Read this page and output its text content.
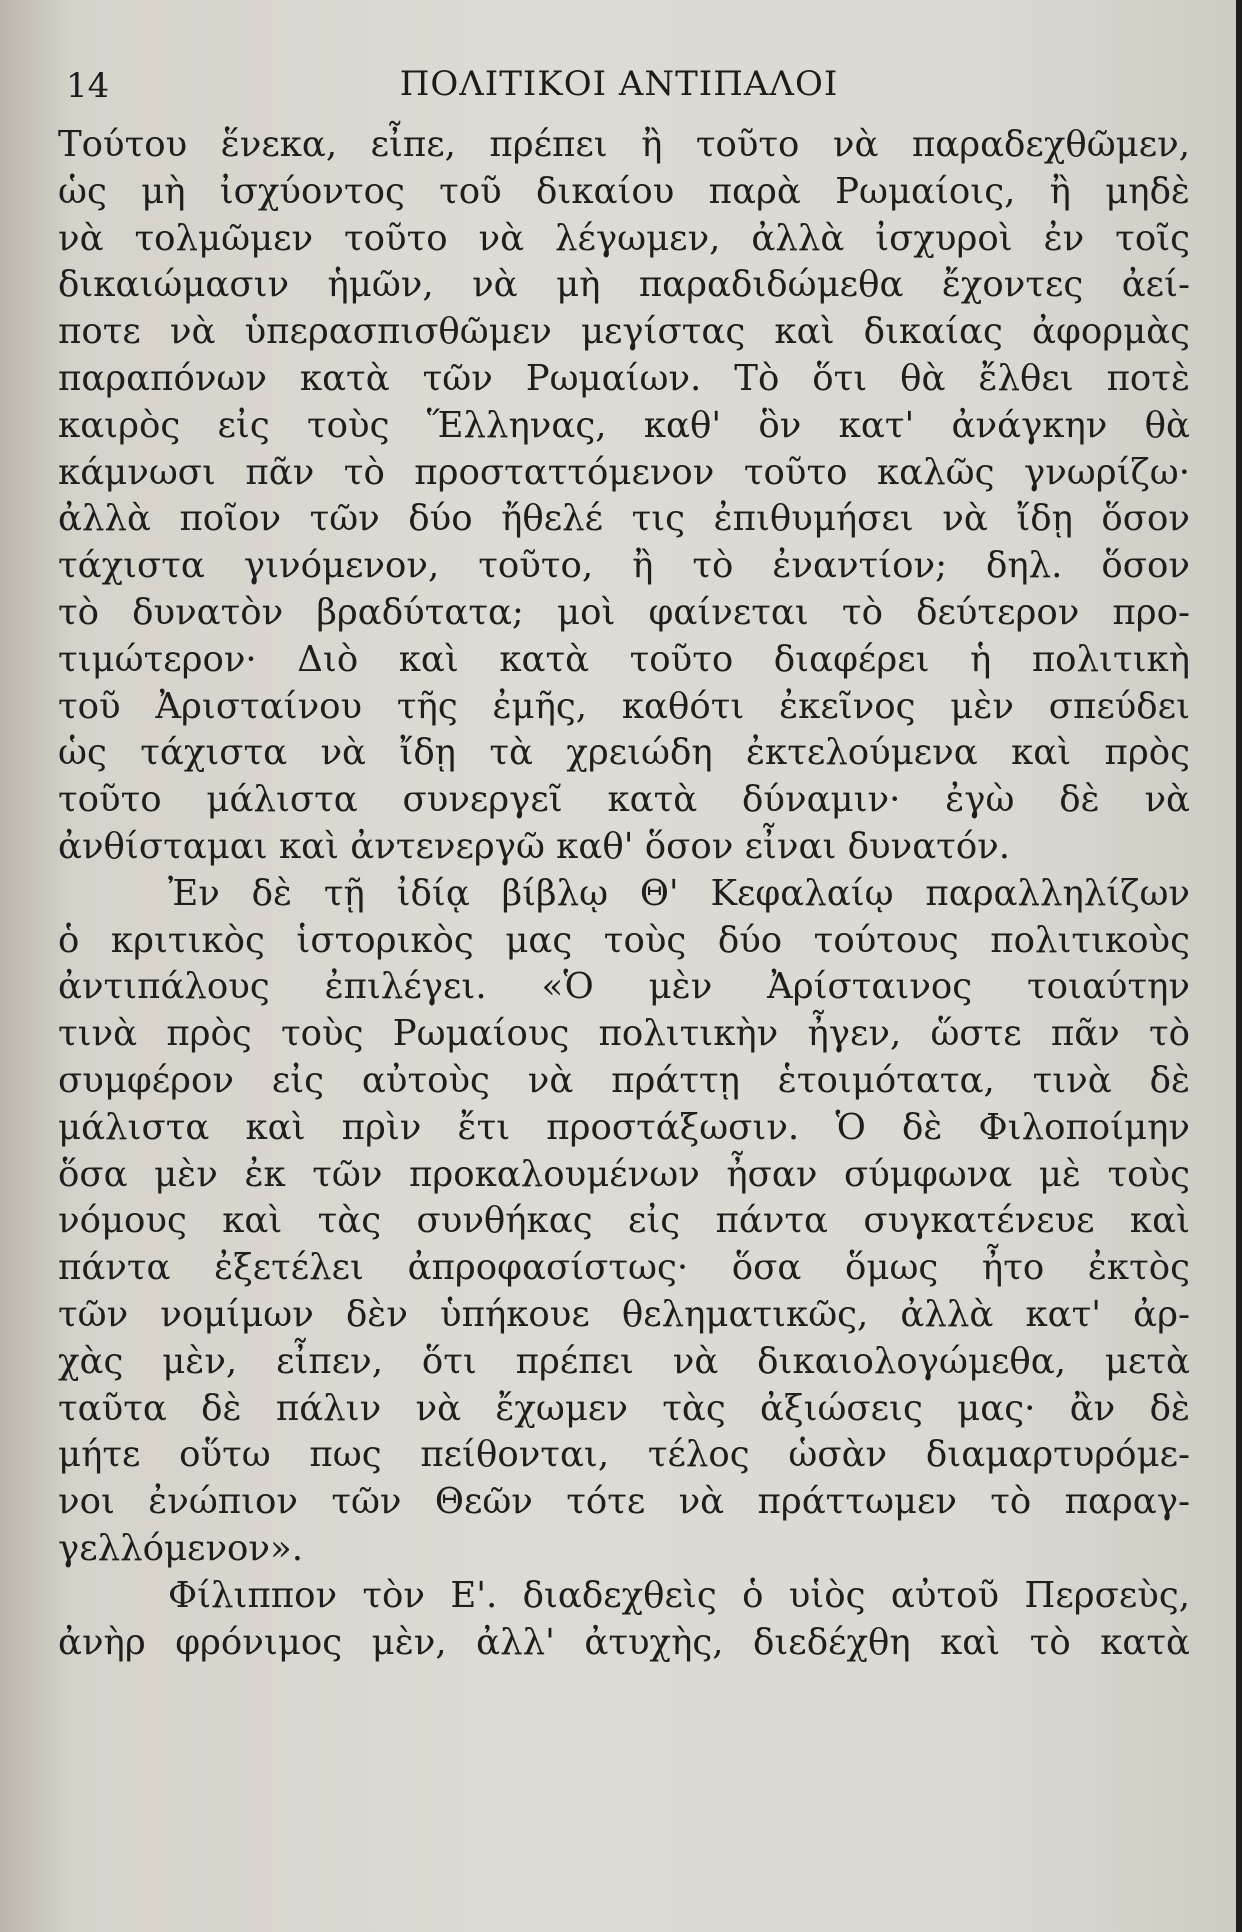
14	ΠΟΛΙΤΙΚΟΙ ΑΝΤΙΠΑΛΟΙ
Τούτου ἕνεκα, εἶπε, πρέπει ἢ τοῦτο νὰ παραδεχθῶμεν,
ὡς μὴ ἰσχύοντος τοῦ δικαίου παρὰ Ρωμαίοις, ἢ μηδὲ
νὰ τολμῶμεν τοῦτο νὰ λέγωμεν, ἀλλὰ ἰσχυροὶ ἐν τοῖς
δικαιώμασιν ἡμῶν, νὰ μὴ παραδιδώμεθα ἔχοντες ἀεί-
ποτε νὰ ὑπερασπισθῶμεν μεγίστας καὶ δικαίας ἀφορμὰς
παραπόνων κατὰ τῶν Ρωμαίων. Τὸ ὅτι θὰ ἔλθει ποτὲ
καιρὸς εἰς τοὺς Ἕλληνας, καθ' ὃν κατ' ἀνάγκην θὰ
κάμνωσι πᾶν τὸ προσταττόμενον τοῦτο καλῶς γνωρίζω·
ἀλλὰ ποῖον τῶν δύο ἤθελέ τις ἐπιθυμήσει νὰ ἴδῃ ὅσον
τάχιστα γινόμενον, τοῦτο, ἢ τὸ ἐναντίον; δηλ. ὅσον
τὸ δυνατὸν βραδύτατα; μοὶ φαίνεται τὸ δεύτερον προ-
τιμώτερον· Διὸ καὶ κατὰ τοῦτο διαφέρει ἡ πολιτικὴ
τοῦ Ἀρισταίνου τῆς ἐμῆς, καθότι ἐκεῖνος μὲν σπεύδει
ὡς τάχιστα νὰ ἴδῃ τὰ χρειώδη ἐκτελούμενα καὶ πρὸς
τοῦτο μάλιστα συνεργεῖ κατὰ δύναμιν· ἐγὼ δὲ νὰ
ἀνθίσταμαι καὶ ἀντενεργῶ καθ' ὅσον εἶναι δυνατόν.
Ἐν δὲ τῇ ἰδίᾳ βίβλῳ Θ' Κεφαλαίῳ παραλληλίζων
ὁ κριτικὸς ἱστορικὸς μας τοὺς δύο τούτους πολιτικοὺς
ἀντιπάλους ἐπιλέγει. «Ὁ μὲν Ἀρίσταινος τοιαύτην
τινὰ πρὸς τοὺς Ρωμαίους πολιτικὴν ἦγεν, ὥστε πᾶν τὸ
συμφέρον εἰς αὐτοὺς νὰ πράττῃ ἑτοιμότατα, τινὰ δὲ
μάλιστα καὶ πρὶν ἔτι προστάξωσιν. Ὁ δὲ Φιλοποίμην
ὅσα μὲν ἐκ τῶν προκαλουμένων ἦσαν σύμφωνα μὲ τοὺς
νόμους καὶ τὰς συνθήκας εἰς πάντα συγκατένευε καὶ
πάντα ἐξετέλει ἀπροφασίστως· ὅσα ὅμως ἦτο ἐκτὸς
τῶν νομίμων δὲν ὑπήκουε θεληματικῶς, ἀλλὰ κατ' ἀρ-
χὰς μὲν, εἶπεν, ὅτι πρέπει νὰ δικαιολογώμεθα, μετὰ
ταῦτα δὲ πάλιν νὰ ἔχωμεν τὰς ἀξιώσεις μας· ἂν δὲ
μήτε οὕτω πως πείθονται, τέλος ὡσὰν διαμαρτυρόμε-
νοι ἐνώπιον τῶν Θεῶν τότε νὰ πράττωμεν τὸ παραγ-
γελλόμενον».
Φίλιππον τὸν Ε'. διαδεχθεὶς ὁ υἱὸς αὐτοῦ Περσεὺς,
ἀνὴρ φρόνιμος μὲν, ἀλλ' ἀτυχὴς, διεδέχθη καὶ τὸ κατὰ
